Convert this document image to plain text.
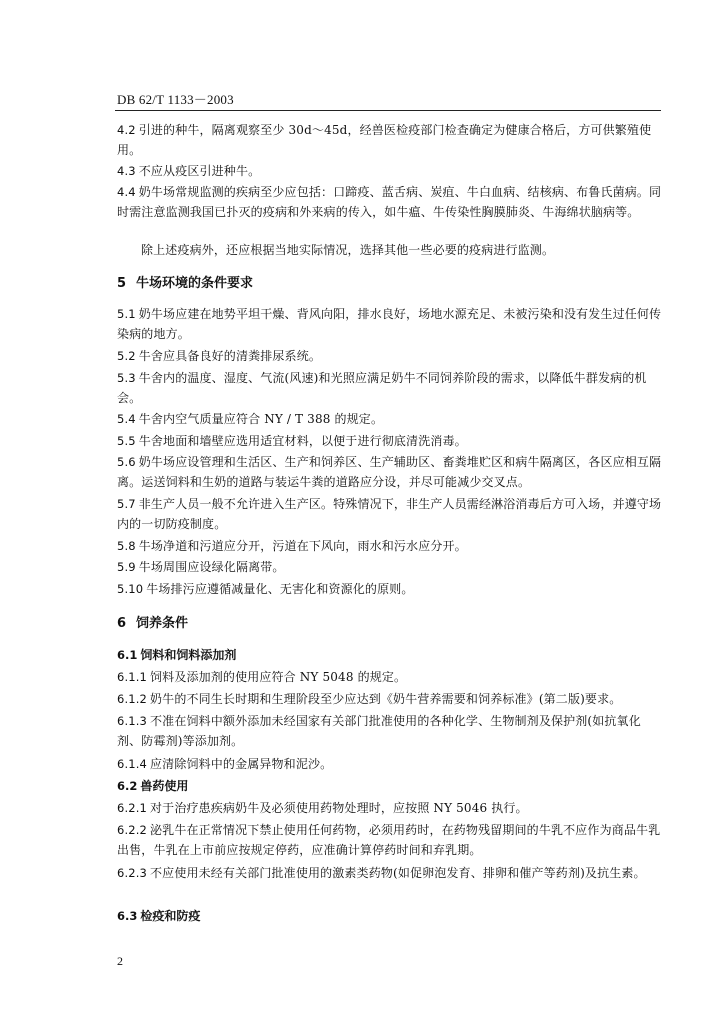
DB 62/T 1133－2003

4.2 引进的种牛，隔离观察至少 30d～45d，经兽医检疫部门检查确定为健康合格后，方可供繁殖使用。

4.3 不应从疫区引进种牛。

4.4 奶牛场常规监测的疾病至少应包括：口蹄疫、蓝舌病、炭疽、牛白血病、结核病、布鲁氏菌病。同时需注意监测我国已扑灭的疫病和外来病的传入，如牛瘟、牛传染性胸膜肺炎、牛海绵状脑病等。

除上述疫病外，还应根据当地实际情况，选择其他一些必要的疫病进行监测。

5 牛场环境的条件要求

5.1 奶牛场应建在地势平坦干燥、背风向阳，排水良好，场地水源充足、未被污染和没有发生过任何传染病的地方。

5.2 牛舍应具备良好的清粪排尿系统。

5.3 牛舍内的温度、湿度、气流(风速)和光照应满足奶牛不同饲养阶段的需求，以降低牛群发病的机会。

5.4 牛舍内空气质量应符合 NY / T 388 的规定。

5.5 牛舍地面和墙壁应选用适宜材料，以便于进行彻底清洗消毒。

5.6 奶牛场应设管理和生活区、生产和饲养区、生产辅助区、畜粪堆贮区和病牛隔离区，各区应相互隔离。运送饲料和生奶的道路与装运牛粪的道路应分设，并尽可能减少交叉点。

5.7 非生产人员一般不允许进入生产区。特殊情况下，非生产人员需经淋浴消毒后方可入场，并遵守场内的一切防疫制度。

5.8 牛场净道和污道应分开，污道在下风向，雨水和污水应分开。

5.9 牛场周围应设绿化隔离带。

5.10 牛场排污应遵循减量化、无害化和资源化的原则。

6 饲养条件
6.1 饲料和饲料添加剂

6.1.1 饲料及添加剂的使用应符合 NY 5048 的规定。

6.1.2 奶牛的不同生长时期和生理阶段至少应达到《奶牛营养需要和饲养标准》(第二版)要求。

6.1.3 不准在饲料中额外添加未经国家有关部门批准使用的各种化学、生物制剂及保护剂(如抗氧化剂、防霉剂)等添加剂。

6.1.4 应清除饲料中的金属异物和泥沙。

6.2 兽药使用

6.2.1 对于治疗患疾病奶牛及必须使用药物处理时，应按照 NY 5046 执行。

6.2.2 泌乳牛在正常情况下禁止使用任何药物，必须用药时，在药物残留期间的牛乳不应作为商品牛乳出售，牛乳在上市前应按规定停药，应准确计算停药时间和弃乳期。

6.2.3 不应使用未经有关部门批准使用的激素类药物(如促卵泡发育、排卵和催产等药剂)及抗生素。

6.3 检疫和防疫
2
